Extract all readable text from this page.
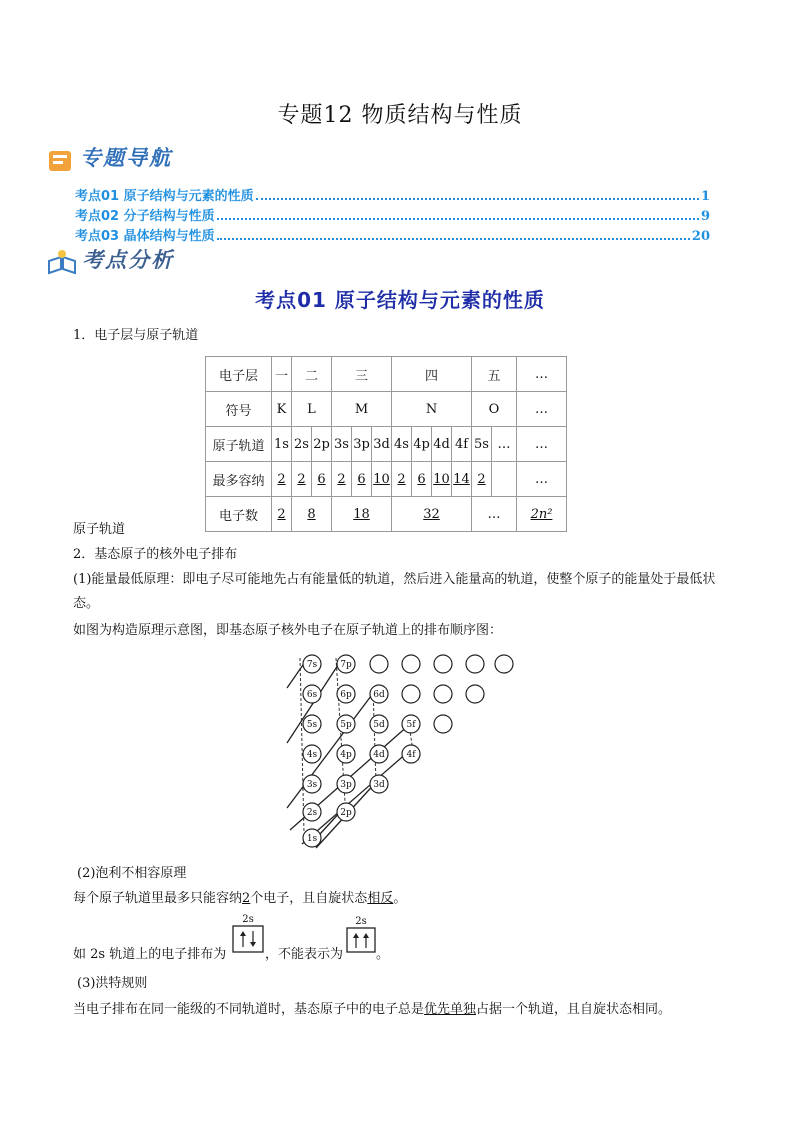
专题12 物质结构与性质
专题导航
考点01 原子结构与元素的性质	1
考点02 分子结构与性质	9
考点03 晶体结构与性质	20
考点分析
考点01 原子结构与元素的性质
1．电子层与原子轨道
电子层	一	二		三			四				五		…
符号	K	L		M			N				O		…
原子轨道	1s	2s	2p	3s	3p	3d	4s	4p	4d	4f	5s	…	…
最多容纳	2	2	6	2	6	10	2	6	10	14	2		…
电子数	2	8		18			32				…		2n²
原子轨道
2．基态原子的核外电子排布
(1)能量最低原理：即电子尽可能地先占有能量低的轨道，然后进入能量高的轨道，使整个原子的能量处于最低状态。
如图为构造原理示意图，即基态原子核外电子在原子轨道上的排布顺序图：
7s	7p
6s	6p 6d
5s	5p 5d 5f
4s	4p 4d 4f
3s	3p 3d
2s	2p
1s
(2)泡利不相容原理
每个原子轨道里最多只能容纳2个电子，且自旋状态相反。
如 2s 轨道上的电子排布为
2s
，不能表示为
2s
。
(3)洪特规则
当电子排布在同一能级的不同轨道时，基态原子中的电子总是优先单独占据一个轨道，且自旋状态相同。
